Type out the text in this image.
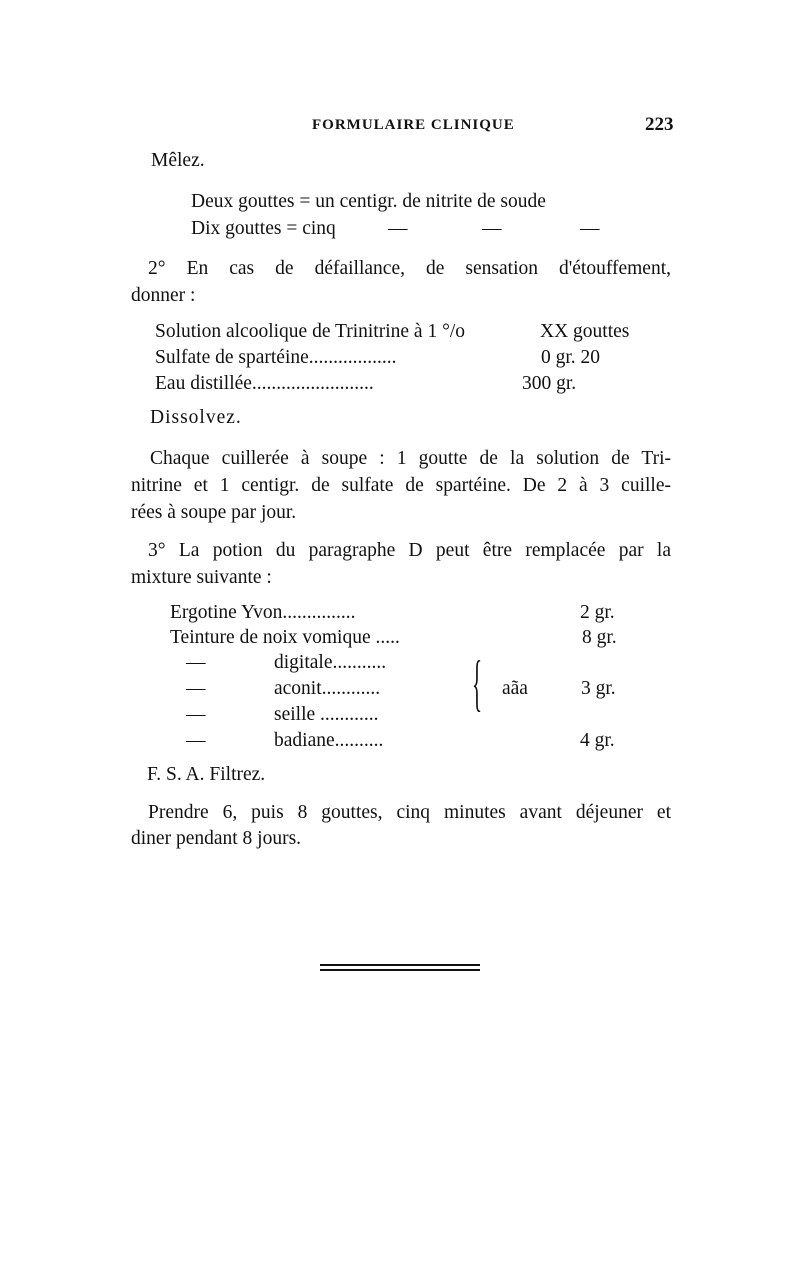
FORMULAIRE CLINIQUE	223
Mêlez.
Deux gouttes = un centigr. de nitrite de soude
Dix gouttes = cinq	—	—	—
2° En cas de défaillance, de sensation d'étouffement,
donner :
Solution alcoolique de Trinitrine à 1 °/o	XX gouttes
Sulfate de spartéine..................	0 gr. 20
Eau distillée.........................	300 gr.
Dissolvez.
Chaque cuillerée à soupe : 1 goutte de la solution de Tri-
nitrine et 1 centigr. de sulfate de spartéine. De 2 à 3 cuille-
rées à soupe par jour.
3° La potion du paragraphe D peut être remplacée par la
mixture suivante :
Ergotine Yvon...............	2 gr.
Teinture de noix vomique .....	8 gr.
—	digitale...........
—	aconit............	3 gr.
—	seille ............
—	badiane..........	4 gr.
{ aãa
F. S. A. Filtrez.
Prendre 6, puis 8 gouttes, cinq minutes avant déjeuner et
diner pendant 8 jours.
